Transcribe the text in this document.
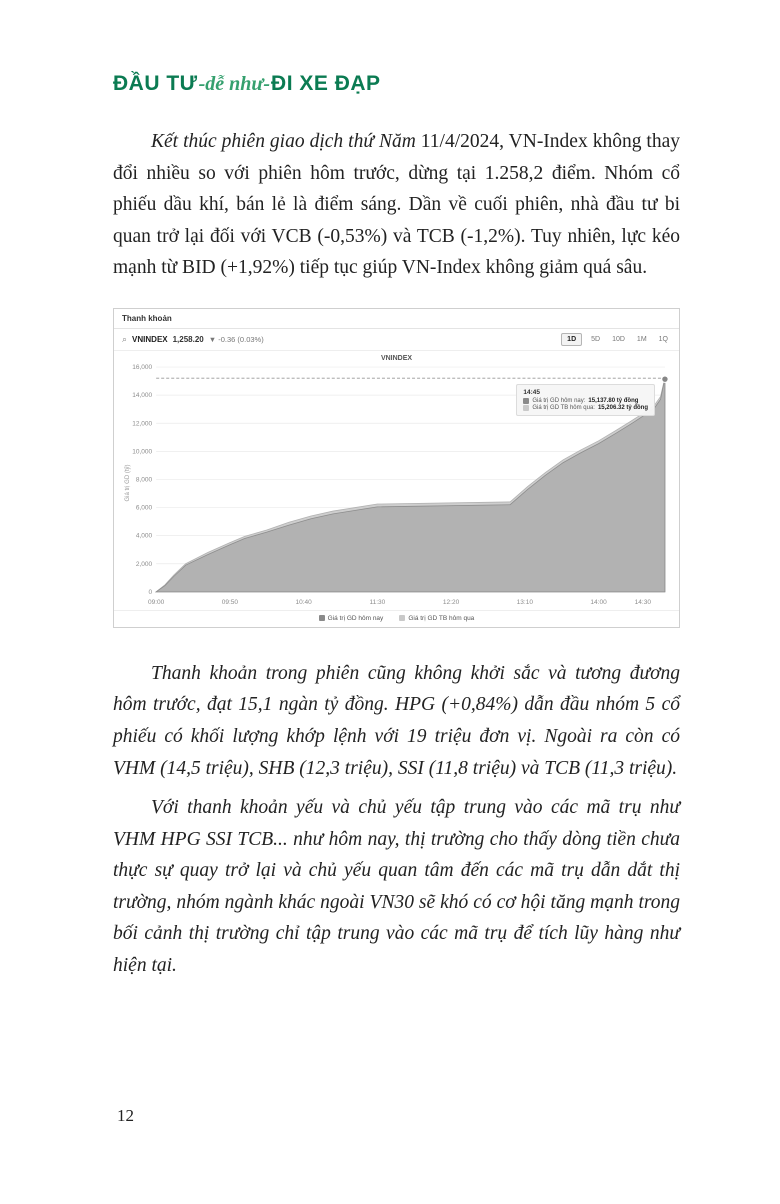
ĐẦU TƯ-dễ như-ĐI XE ĐẠP

Kết thúc phiên giao dịch thứ Năm 11/4/2024, VN-Index không thay đổi nhiều so với phiên hôm trước, dừng tại 1.258,2 điểm. Nhóm cổ phiếu dầu khí, bán lẻ là điểm sáng. Dần về cuối phiên, nhà đầu tư bi quan trở lại đối với VCB (-0,53%) và TCB (-1,2%). Tuy nhiên, lực kéo mạnh từ BID (+1,92%) tiếp tục giúp VN-Index không giảm quá sâu.

Thanh khoản
⌕ VNINDEX 1,258.20 ▼ -0.36 (0.03%)	1D	5D	10D	1M	1Q
VNINDEX
Giá trị GD (tỷ)
0
2,000
4,000
6,000
8,000
10,000
12,000
14,000
16,000
09:00	09:50	10:40	11:30	12:20	13:10	14:00	14:30
14:45
Giá trị GD hôm nay: 15,137.80 tỷ đồng
Giá trị GD TB hôm qua: 15,206.32 tỷ đồng
Giá trị GD hôm nay	Giá trị GD TB hôm qua

Thanh khoản trong phiên cũng không khởi sắc và tương đương hôm trước, đạt 15,1 ngàn tỷ đồng. HPG (+0,84%) dẫn đầu nhóm 5 cổ phiếu có khối lượng khớp lệnh với 19 triệu đơn vị. Ngoài ra còn có VHM (14,5 triệu), SHB (12,3 triệu), SSI (11,8 triệu) và TCB (11,3 triệu).

Với thanh khoản yếu và chủ yếu tập trung vào các mã trụ như VHM HPG SSI TCB... như hôm nay, thị trường cho thấy dòng tiền chưa thực sự quay trở lại và chủ yếu quan tâm đến các mã trụ dẫn dắt thị trường, nhóm ngành khác ngoài VN30 sẽ khó có cơ hội tăng mạnh trong bối cảnh thị trường chỉ tập trung vào các mã trụ để tích lũy hàng như hiện tại.

12
